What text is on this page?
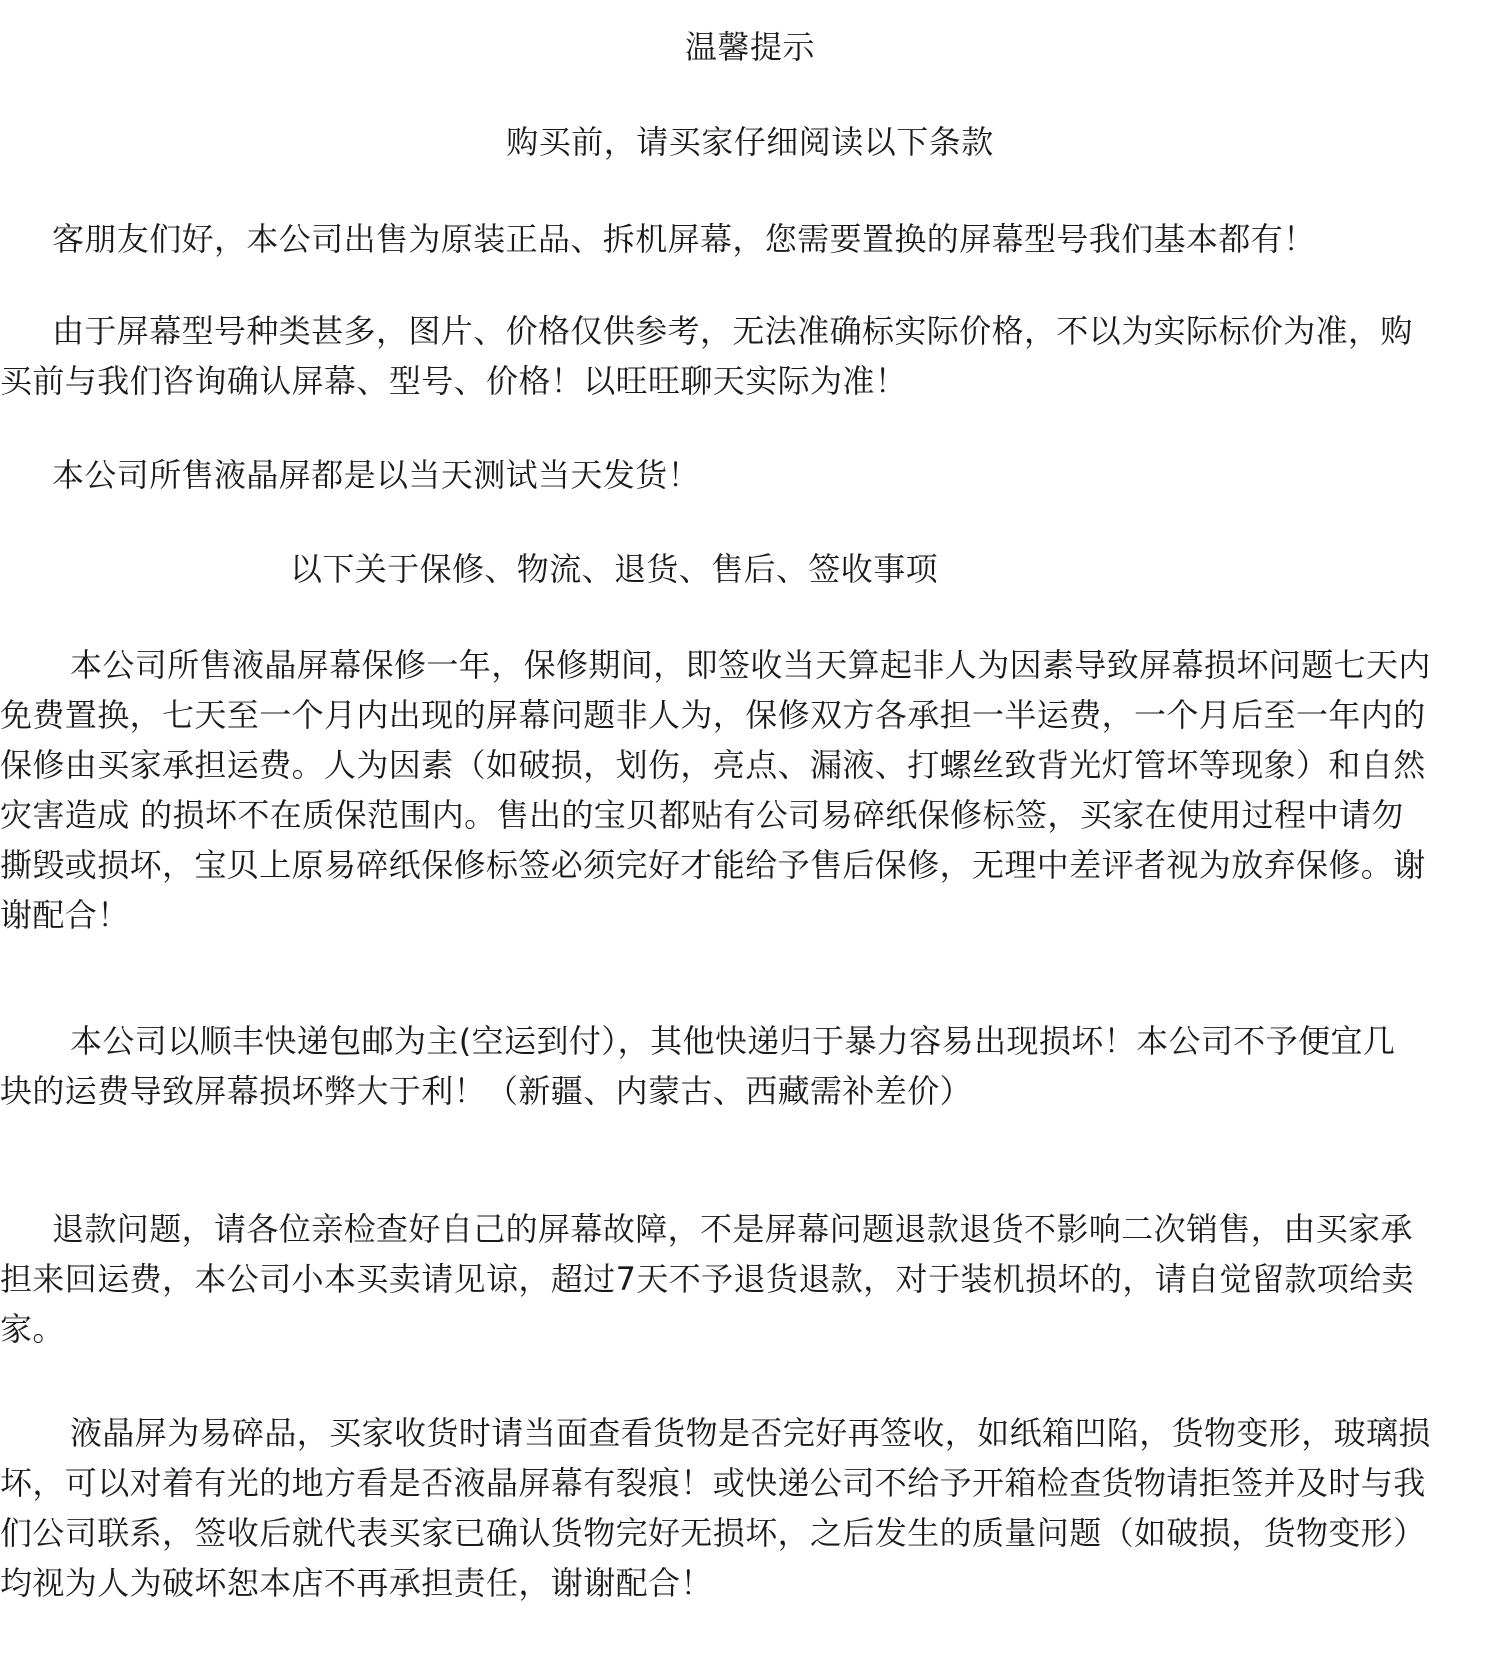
温馨提示
购买前，请买家仔细阅读以下条款
客朋友们好，本公司出售为原装正品、拆机屏幕，您需要置换的屏幕型号我们基本都有！
由于屏幕型号种类甚多，图片、价格仅供参考，无法准确标实际价格，不以为实际标价为准，购
买前与我们咨询确认屏幕、型号、价格！以旺旺聊天实际为准！
本公司所售液晶屏都是以当天测试当天发货！
以下关于保修、物流、退货、售后、签收事项
本公司所售液晶屏幕保修一年，保修期间，即签收当天算起非人为因素导致屏幕损坏问题七天内
免费置换，七天至一个月内出现的屏幕问题非人为，保修双方各承担一半运费，一个月后至一年内的
保修由买家承担运费。人为因素（如破损，划伤，亮点、漏液、打螺丝致背光灯管坏等现象）和自然
灾害造成 的损坏不在质保范围内。售出的宝贝都贴有公司易碎纸保修标签，买家在使用过程中请勿
撕毁或损坏，宝贝上原易碎纸保修标签必须完好才能给予售后保修，无理中差评者视为放弃保修。谢
谢配合！
本公司以顺丰快递包邮为主(空运到付），其他快递归于暴力容易出现损坏！本公司不予便宜几
块的运费导致屏幕损坏弊大于利！（新疆、内蒙古、西藏需补差价）
退款问题，请各位亲检查好自己的屏幕故障，不是屏幕问题退款退货不影响二次销售，由买家承
担来回运费，本公司小本买卖请见谅，超过7天不予退货退款，对于装机损坏的，请自觉留款项给卖
家。
液晶屏为易碎品，买家收货时请当面查看货物是否完好再签收，如纸箱凹陷，货物变形，玻璃损
坏，可以对着有光的地方看是否液晶屏幕有裂痕！或快递公司不给予开箱检查货物请拒签并及时与我
们公司联系，签收后就代表买家已确认货物完好无损坏，之后发生的质量问题（如破损，货物变形）
均视为人为破坏恕本店不再承担责任，谢谢配合！
